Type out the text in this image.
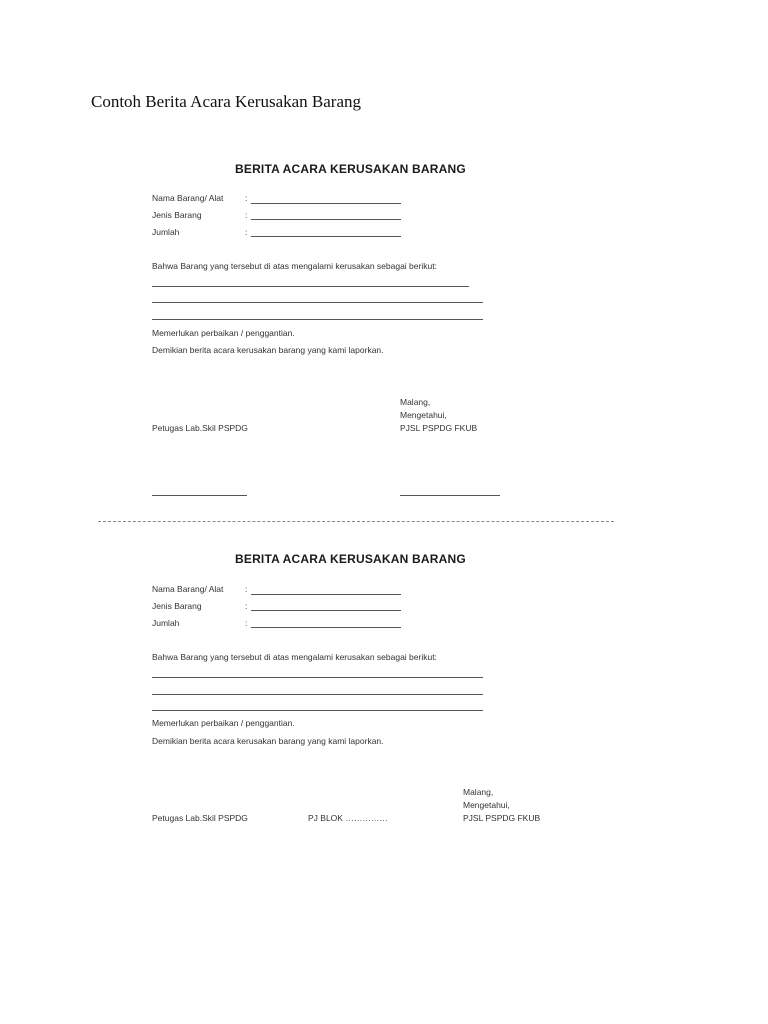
Contoh Berita Acara Kerusakan Barang
BERITA ACARA KERUSAKAN BARANG
Nama Barang/ Alat	:
Jenis Barang	:
Jumlah	:
Bahwa Barang yang tersebut di atas mengalami kerusakan sebagai berikut:
Memerlukan perbaikan / penggantian.
Demikian berita acara kerusakan barang yang kami laporkan.
Malang,
Mengetahui,
Petugas Lab.Skil PSPDG	PJSL PSPDG FKUB
BERITA ACARA KERUSAKAN BARANG
Nama Barang/ Alat	:
Jenis Barang	:
Jumlah	:
Bahwa Barang yang tersebut di atas mengalami kerusakan sebagai berikut:
Memerlukan perbaikan / penggantian.
Demikian berita acara kerusakan barang yang kami laporkan.
Malang,
Mengetahui,
Petugas Lab.Skil PSPDG	PJ BLOK ……………	PJSL PSPDG FKUB
